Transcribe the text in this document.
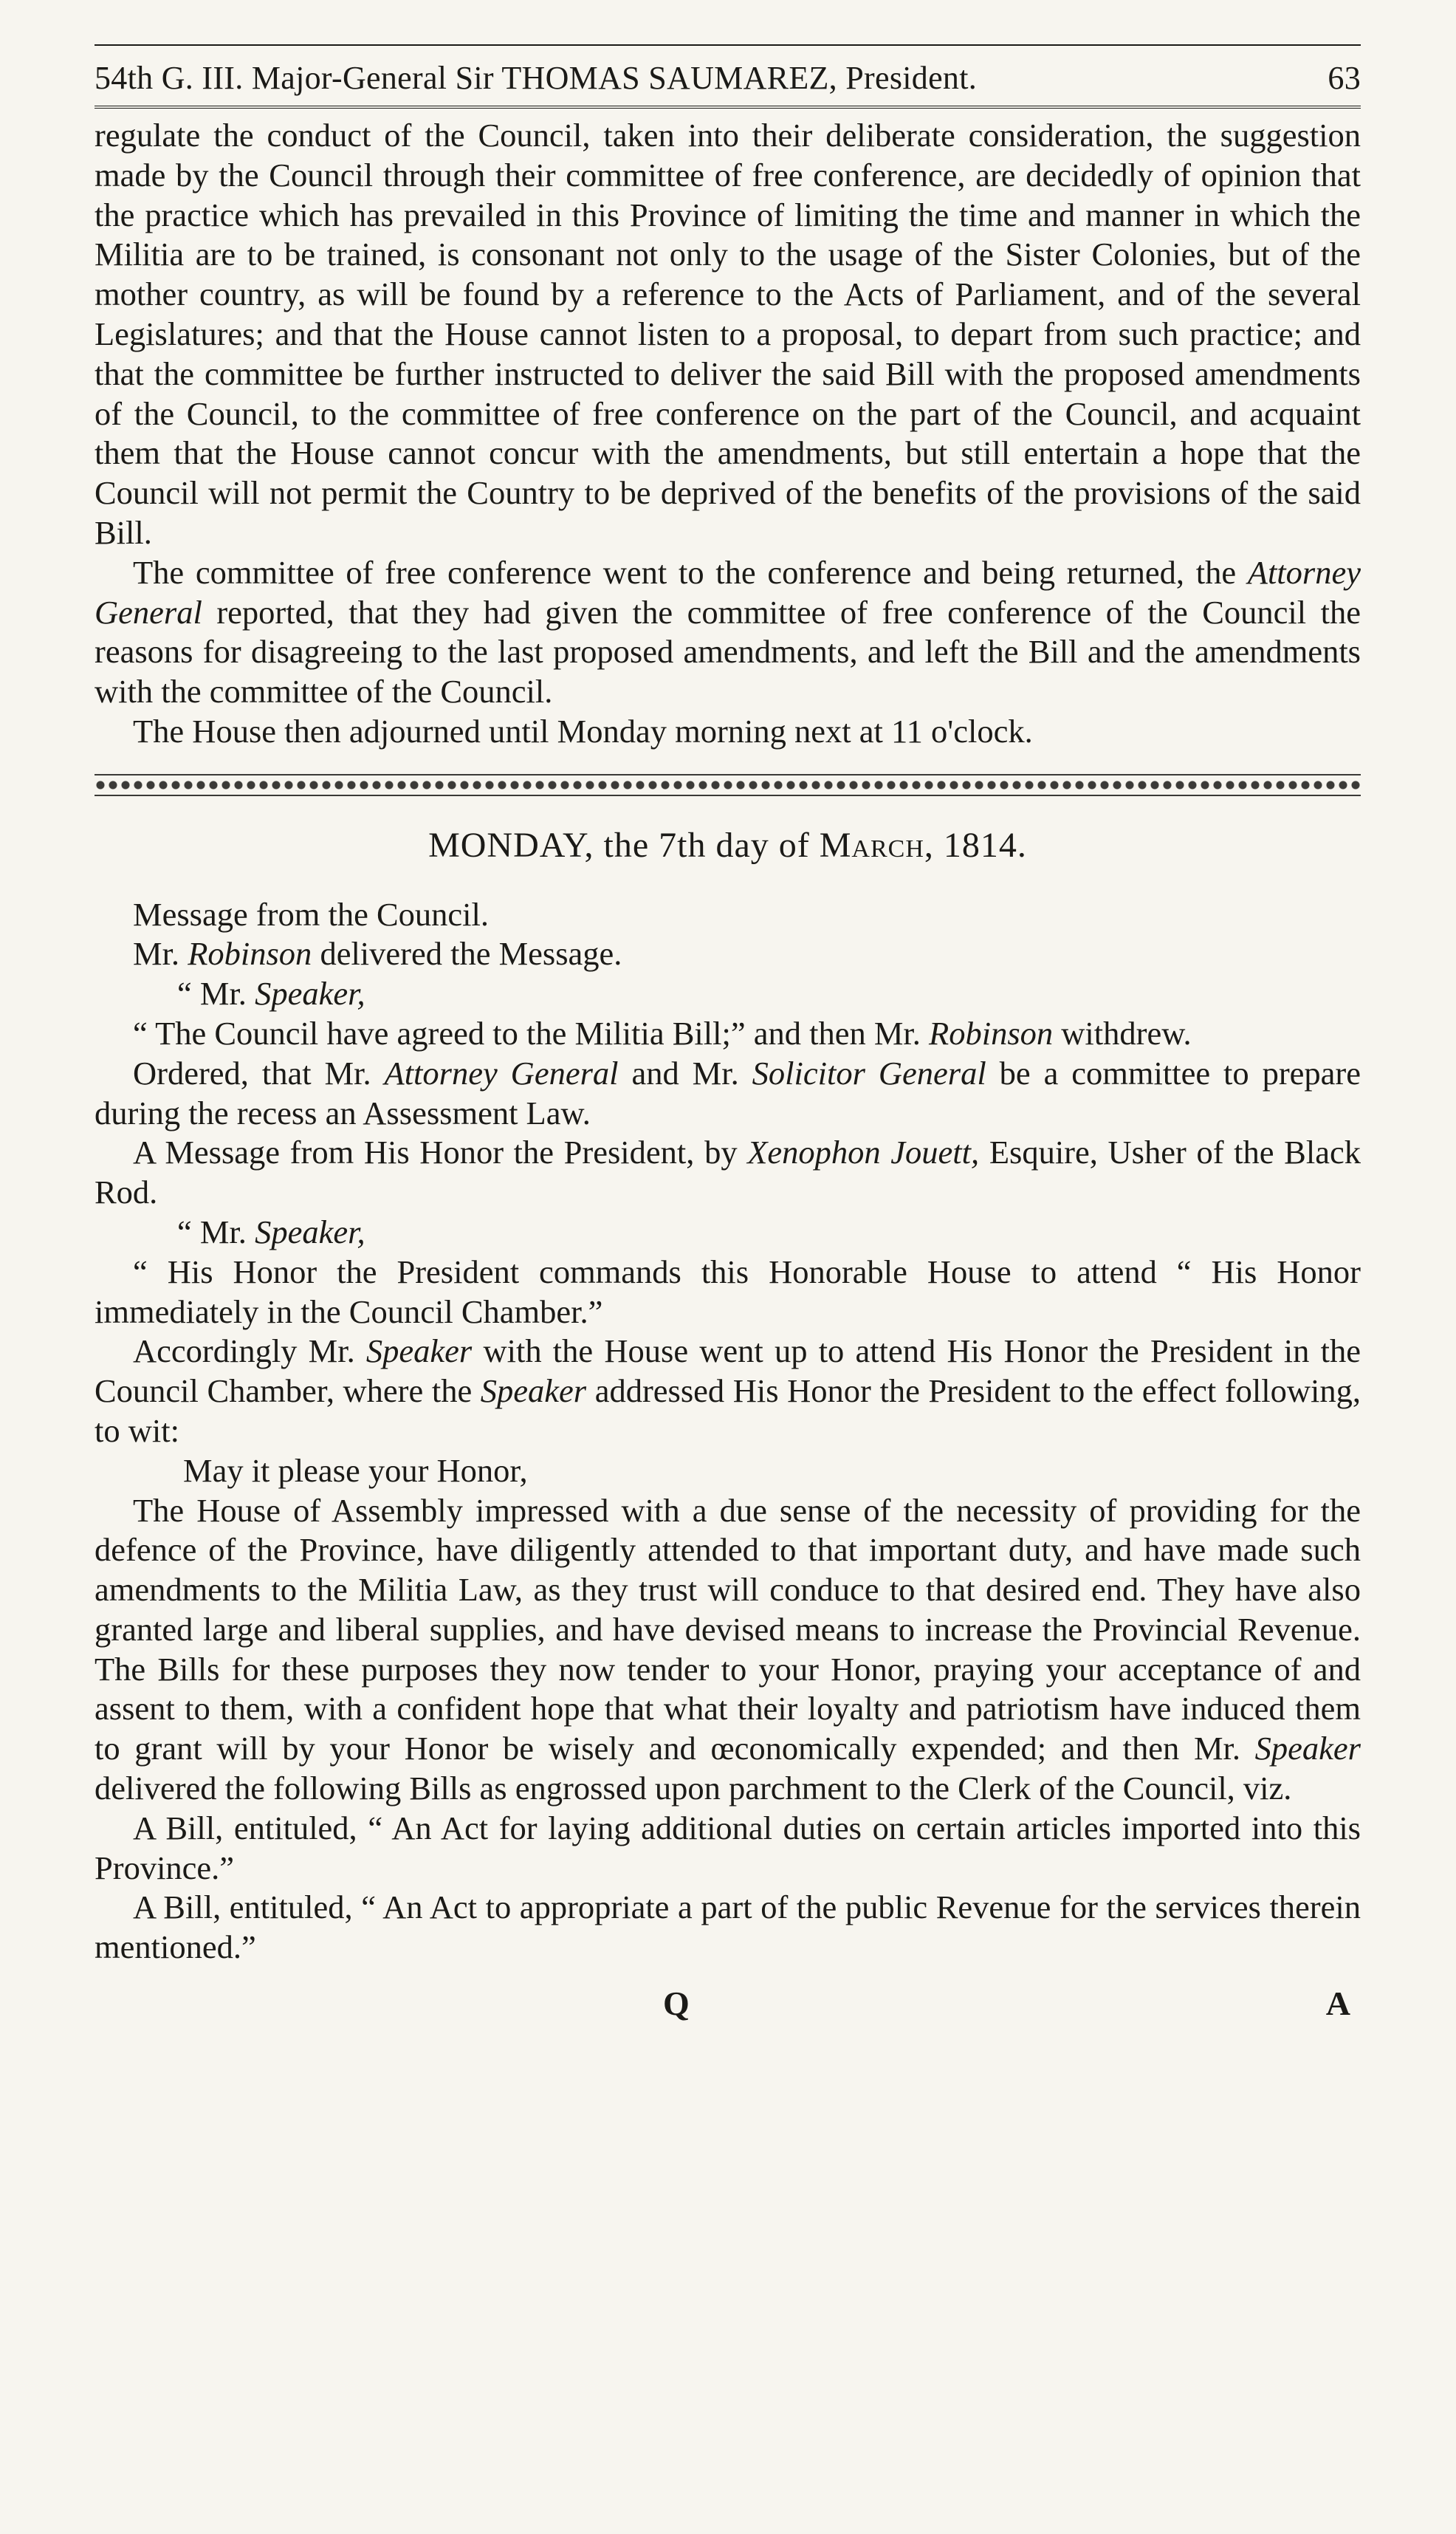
54th G. III. Major-General Sir THOMAS SAUMAREZ, President.	63

regulate the conduct of the Council, taken into their deliberate consideration, the suggestion made by the Council through their committee of free conference, are decidedly of opinion that the practice which has prevailed in this Province of limiting the time and manner in which the Militia are to be trained, is consonant not only to the usage of the Sister Colonies, but of the mother country, as will be found by a reference to the Acts of Parliament, and of the several Legislatures; and that the House cannot listen to a proposal, to depart from such practice; and that the committee be further instructed to deliver the said Bill with the proposed amendments of the Council, to the committee of free conference on the part of the Council, and acquaint them that the House cannot concur with the amendments, but still entertain a hope that the Council will not permit the Country to be deprived of the benefits of the provisions of the said Bill.

The committee of free conference went to the conference and being returned, the Attorney General reported, that they had given the committee of free conference of the Council the reasons for disagreeing to the last proposed amendments, and left the Bill and the amendments with the committee of the Council.

The House then adjourned until Monday morning next at 11 o'clock.

MONDAY, the 7th day of March, 1814.

Message from the Council.

Mr. Robinson delivered the Message.

“ Mr. Speaker,

“ The Council have agreed to the Militia Bill;” and then Mr. Robinson withdrew.

Ordered, that Mr. Attorney General and Mr. Solicitor General be a committee to prepare during the recess an Assessment Law.

A Message from His Honor the President, by Xenophon Jouett, Esquire, Usher of the Black Rod.

“ Mr. Speaker,

“ His Honor the President commands this Honorable House to attend “ His Honor immediately in the Council Chamber.”

Accordingly Mr. Speaker with the House went up to attend His Honor the President in the Council Chamber, where the Speaker addressed His Honor the President to the effect following, to wit:

May it please your Honor,

The House of Assembly impressed with a due sense of the necessity of providing for the defence of the Province, have diligently attended to that important duty, and have made such amendments to the Militia Law, as they trust will conduce to that desired end. They have also granted large and liberal supplies, and have devised means to increase the Provincial Revenue. The Bills for these purposes they now tender to your Honor, praying your acceptance of and assent to them, with a confident hope that what their loyalty and patriotism have induced them to grant will by your Honor be wisely and œconomically expended; and then Mr. Speaker delivered the following Bills as engrossed upon parchment to the Clerk of the Council, viz.

A Bill, entituled, “ An Act for laying additional duties on certain articles imported into this Province.”

A Bill, entituled, “ An Act to appropriate a part of the public Revenue for the services therein mentioned.”

Q	A
